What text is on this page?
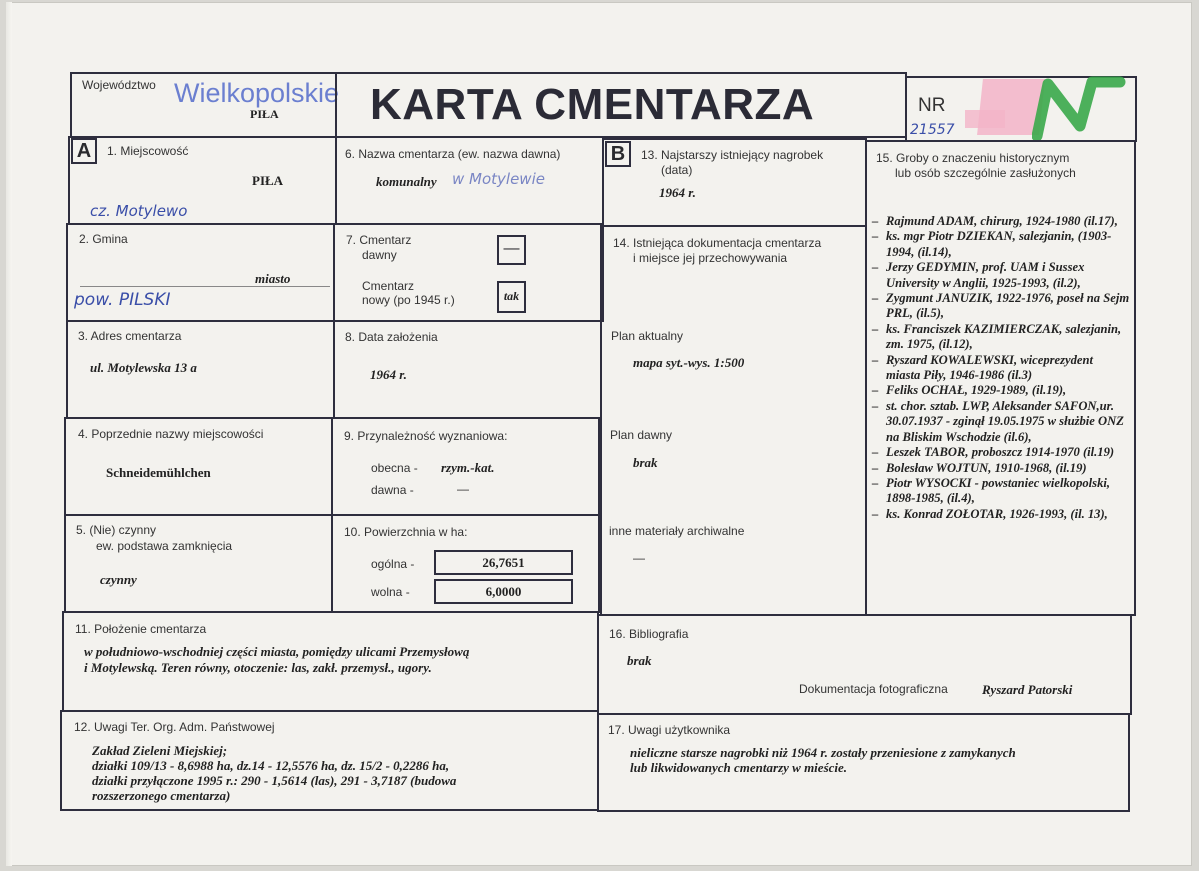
Województwo Wielkopolskie
PIŁA KARTA CMENTARZA	NR
21557
A	1. Miejscowość
PIŁA
cz. Motylewo
2. Gmina
miasto
pow. PILSKI
3. Adres cmentarza
ul. Motylewska 13 a
4. Poprzednie nazwy miejscowości
Schneidemühlchen
5. (Nie) czynny
ew. podstawa zamknięcia
czynny
6. Nazwa cmentarza (ew. nazwa dawna)
komunalny w Motylewie
7. Cmentarz
dawny	—
Cmentarz
nowy (po 1945 r.)	tak
8. Data założenia
1964 r.
9. Przynależność wyznaniowa:
obecna - rzym.-kat.
dawna -	—
10. Powierzchnia w ha:
ogólna -	26,7651
wolna -	6,0000
B	13. Najstarszy istniejący nagrobek
(data)
1964 r.
14. Istniejąca dokumentacja cmentarza
i miejsce jej przechowywania
Plan aktualny
mapa syt.-wys. 1:500
Plan dawny
brak
inne materiały archiwalne
—
15. Groby o znaczeniu historycznym
lub osób szczególnie zasłużonych
– Rajmund ADAM, chirurg, 1924-1980 (il.17),
– ks. mgr Piotr DZIEKAN, salezjanin, (1903-1994, (il.14),
– Jerzy GEDYMIN, prof. UAM i Sussex University w Anglii, 1925-1993, (il.2),
– Zygmunt JANUZIK, 1922-1976, poseł na Sejm PRL, (il.5),
– ks. Franciszek KAZIMIERCZAK, salezjanin, zm. 1975, (il.12),
– Ryszard KOWALEWSKI, wiceprezydent miasta Piły, 1946-1986 (il.3)
– Feliks OCHAŁ, 1929-1989, (il.19),
– st. chor. sztab. LWP, Aleksander SAFON,ur. 30.07.1937 - zginął 19.05.1975 w służbie ONZ na Bliskim Wschodzie (il.6),
– Leszek TABOR, proboszcz 1914-1970 (il.19)
– Bolesław WOJTUN, 1910-1968, (il.19)
– Piotr WYSOCKI - powstaniec wielkopolski, 1898-1985, (il.4),
– ks. Konrad ZOŁOTAR, 1926-1993, (il. 13),
11. Położenie cmentarza
w południowo-wschodniej części miasta, pomiędzy ulicami Przemysłową
i Motylewską. Teren równy, otoczenie: las, zakł. przemysł., ugory.
16. Bibliografia
brak
Dokumentacja fotograficzna	Ryszard Patorski
12. Uwagi Ter. Org. Adm. Państwowej
Zakład Zieleni Miejskiej;
działki 109/13 - 8,6988 ha, dz.14 - 12,5576 ha, dz. 15/2 - 0,2286 ha,
działki przyłączone 1995 r.: 290 - 1,5614 (las), 291 - 3,7187 (budowa
rozszerzonego cmentarza)
17. Uwagi użytkownika
nieliczne starsze nagrobki niż 1964 r. zostały przeniesione z zamykanych
lub likwidowanych cmentarzy w mieście.
